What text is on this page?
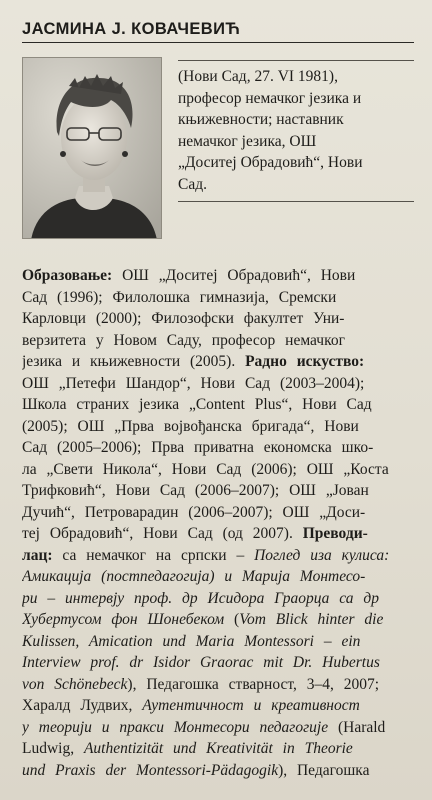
ЈАСМИНА Ј. КОВАЧЕВИЋ

(Нови Сад, 27. VI 1981),
професор немачког језика и
књижевности; наставник
немачког језика, ОШ
„Доситеј Обрадовић“, Нови
Сад.

Образовање: ОШ „Доситеј Обрадовић“, Нови
Сад (1996); Филолошка гимназија, Сремски
Карловци (2000); Филозофски факултет Уни-
верзитета у Новом Саду, професор немачког
језика и књижевности (2005). Радно искуство:
ОШ „Петефи Шандор“, Нови Сад (2003–2004);
Школа страних језика „Content Plus“, Нови Сад
(2005); ОШ „Прва војвођанска бригада“, Нови
Сад (2005–2006); Прва приватна економска шко-
ла „Свети Никола“, Нови Сад (2006); ОШ „Коста
Трифковић“, Нови Сад (2006–2007); ОШ „Јован
Дучић“, Петроварадин (2006–2007); ОШ „Доси-
теј Обрадовић“, Нови Сад (од 2007). Преводи-
лац: са немачког на српски – Поглед иза кулиса:
Амикација (постпедагогија) и Марија Монтесо-
ри – интервју проф. др Исидора Граорца са др
Хубертусом фон Шонебеком (Vom Blick hinter die
Kulissen, Amication und Maria Montessori – ein
Interview prof. dr Isidor Graorac mit Dr. Hubertus
von Schönebeck), Педагошка стварност, 3–4, 2007;
Харалд Лудвих, Аутентичност и креативност
у теорији и пракси Монтесори педагогије (Harald
Ludwig, Authentizität und Kreativität in Theorie
und Praxis der Montessori-Pädagogik), Педагошка
